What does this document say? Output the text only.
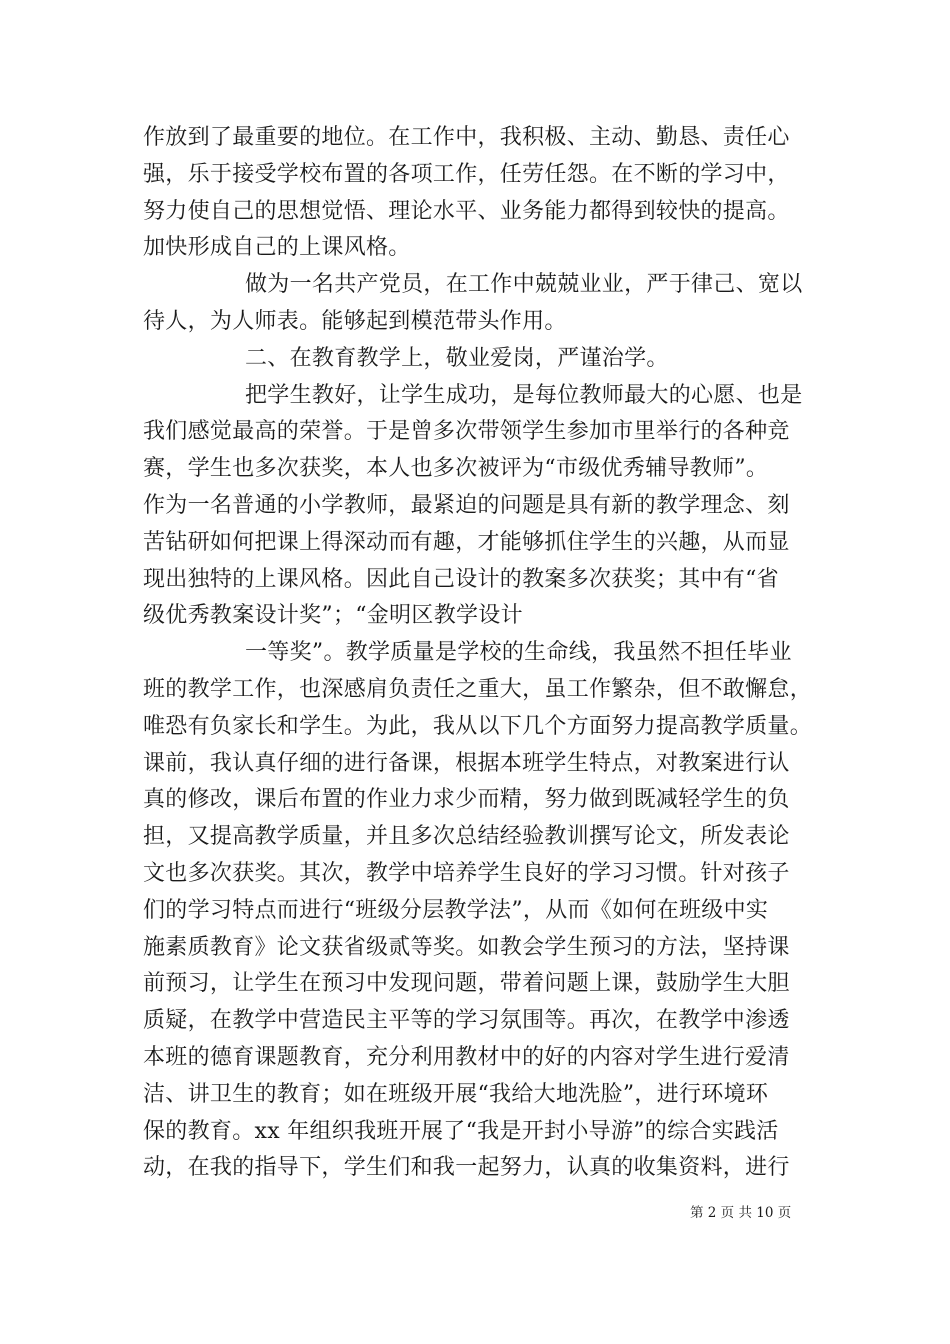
作放到了最重要的地位。在工作中，我积极、主动、勤恳、责任心
强，乐于接受学校布置的各项工作，任劳任怨。在不断的学习中，
努力使自己的思想觉悟、理论水平、业务能力都得到较快的提高。
加快形成自己的上课风格。
做为一名共产党员，在工作中兢兢业业，严于律己、宽以
待人，为人师表。能够起到模范带头作用。
二、在教育教学上，敬业爱岗，严谨治学。
把学生教好，让学生成功，是每位教师最大的心愿、也是
我们感觉最高的荣誉。于是曾多次带领学生参加市里举行的各种竞
赛，学生也多次获奖，本人也多次被评为“市级优秀辅导教师”。
作为一名普通的小学教师，最紧迫的问题是具有新的教学理念、刻
苦钻研如何把课上得深动而有趣，才能够抓住学生的兴趣，从而显
现出独特的上课风格。因此自己设计的教案多次获奖；其中有“省
级优秀教案设计奖”；“金明区教学设计
一等奖”。教学质量是学校的生命线，我虽然不担任毕业
班的教学工作，也深感肩负责任之重大，虽工作繁杂，但不敢懈怠，
唯恐有负家长和学生。为此，我从以下几个方面努力提高教学质量。
课前，我认真仔细的进行备课，根据本班学生特点，对教案进行认
真的修改，课后布置的作业力求少而精，努力做到既减轻学生的负
担，又提高教学质量，并且多次总结经验教训撰写论文，所发表论
文也多次获奖。其次，教学中培养学生良好的学习习惯。针对孩子
们的学习特点而进行“班级分层教学法”，从而《如何在班级中实
施素质教育》论文获省级贰等奖。如教会学生预习的方法，坚持课
前预习，让学生在预习中发现问题，带着问题上课，鼓励学生大胆
质疑，在教学中营造民主平等的学习氛围等。再次，在教学中渗透
本班的德育课题教育，充分利用教材中的好的内容对学生进行爱清
洁、讲卫生的教育；如在班级开展“我给大地洗脸”，进行环境环
保的教育。xx 年组织我班开展了“我是开封小导游”的综合实践活
动，在我的指导下，学生们和我一起努力，认真的收集资料，进行
第 2 页 共 10 页
